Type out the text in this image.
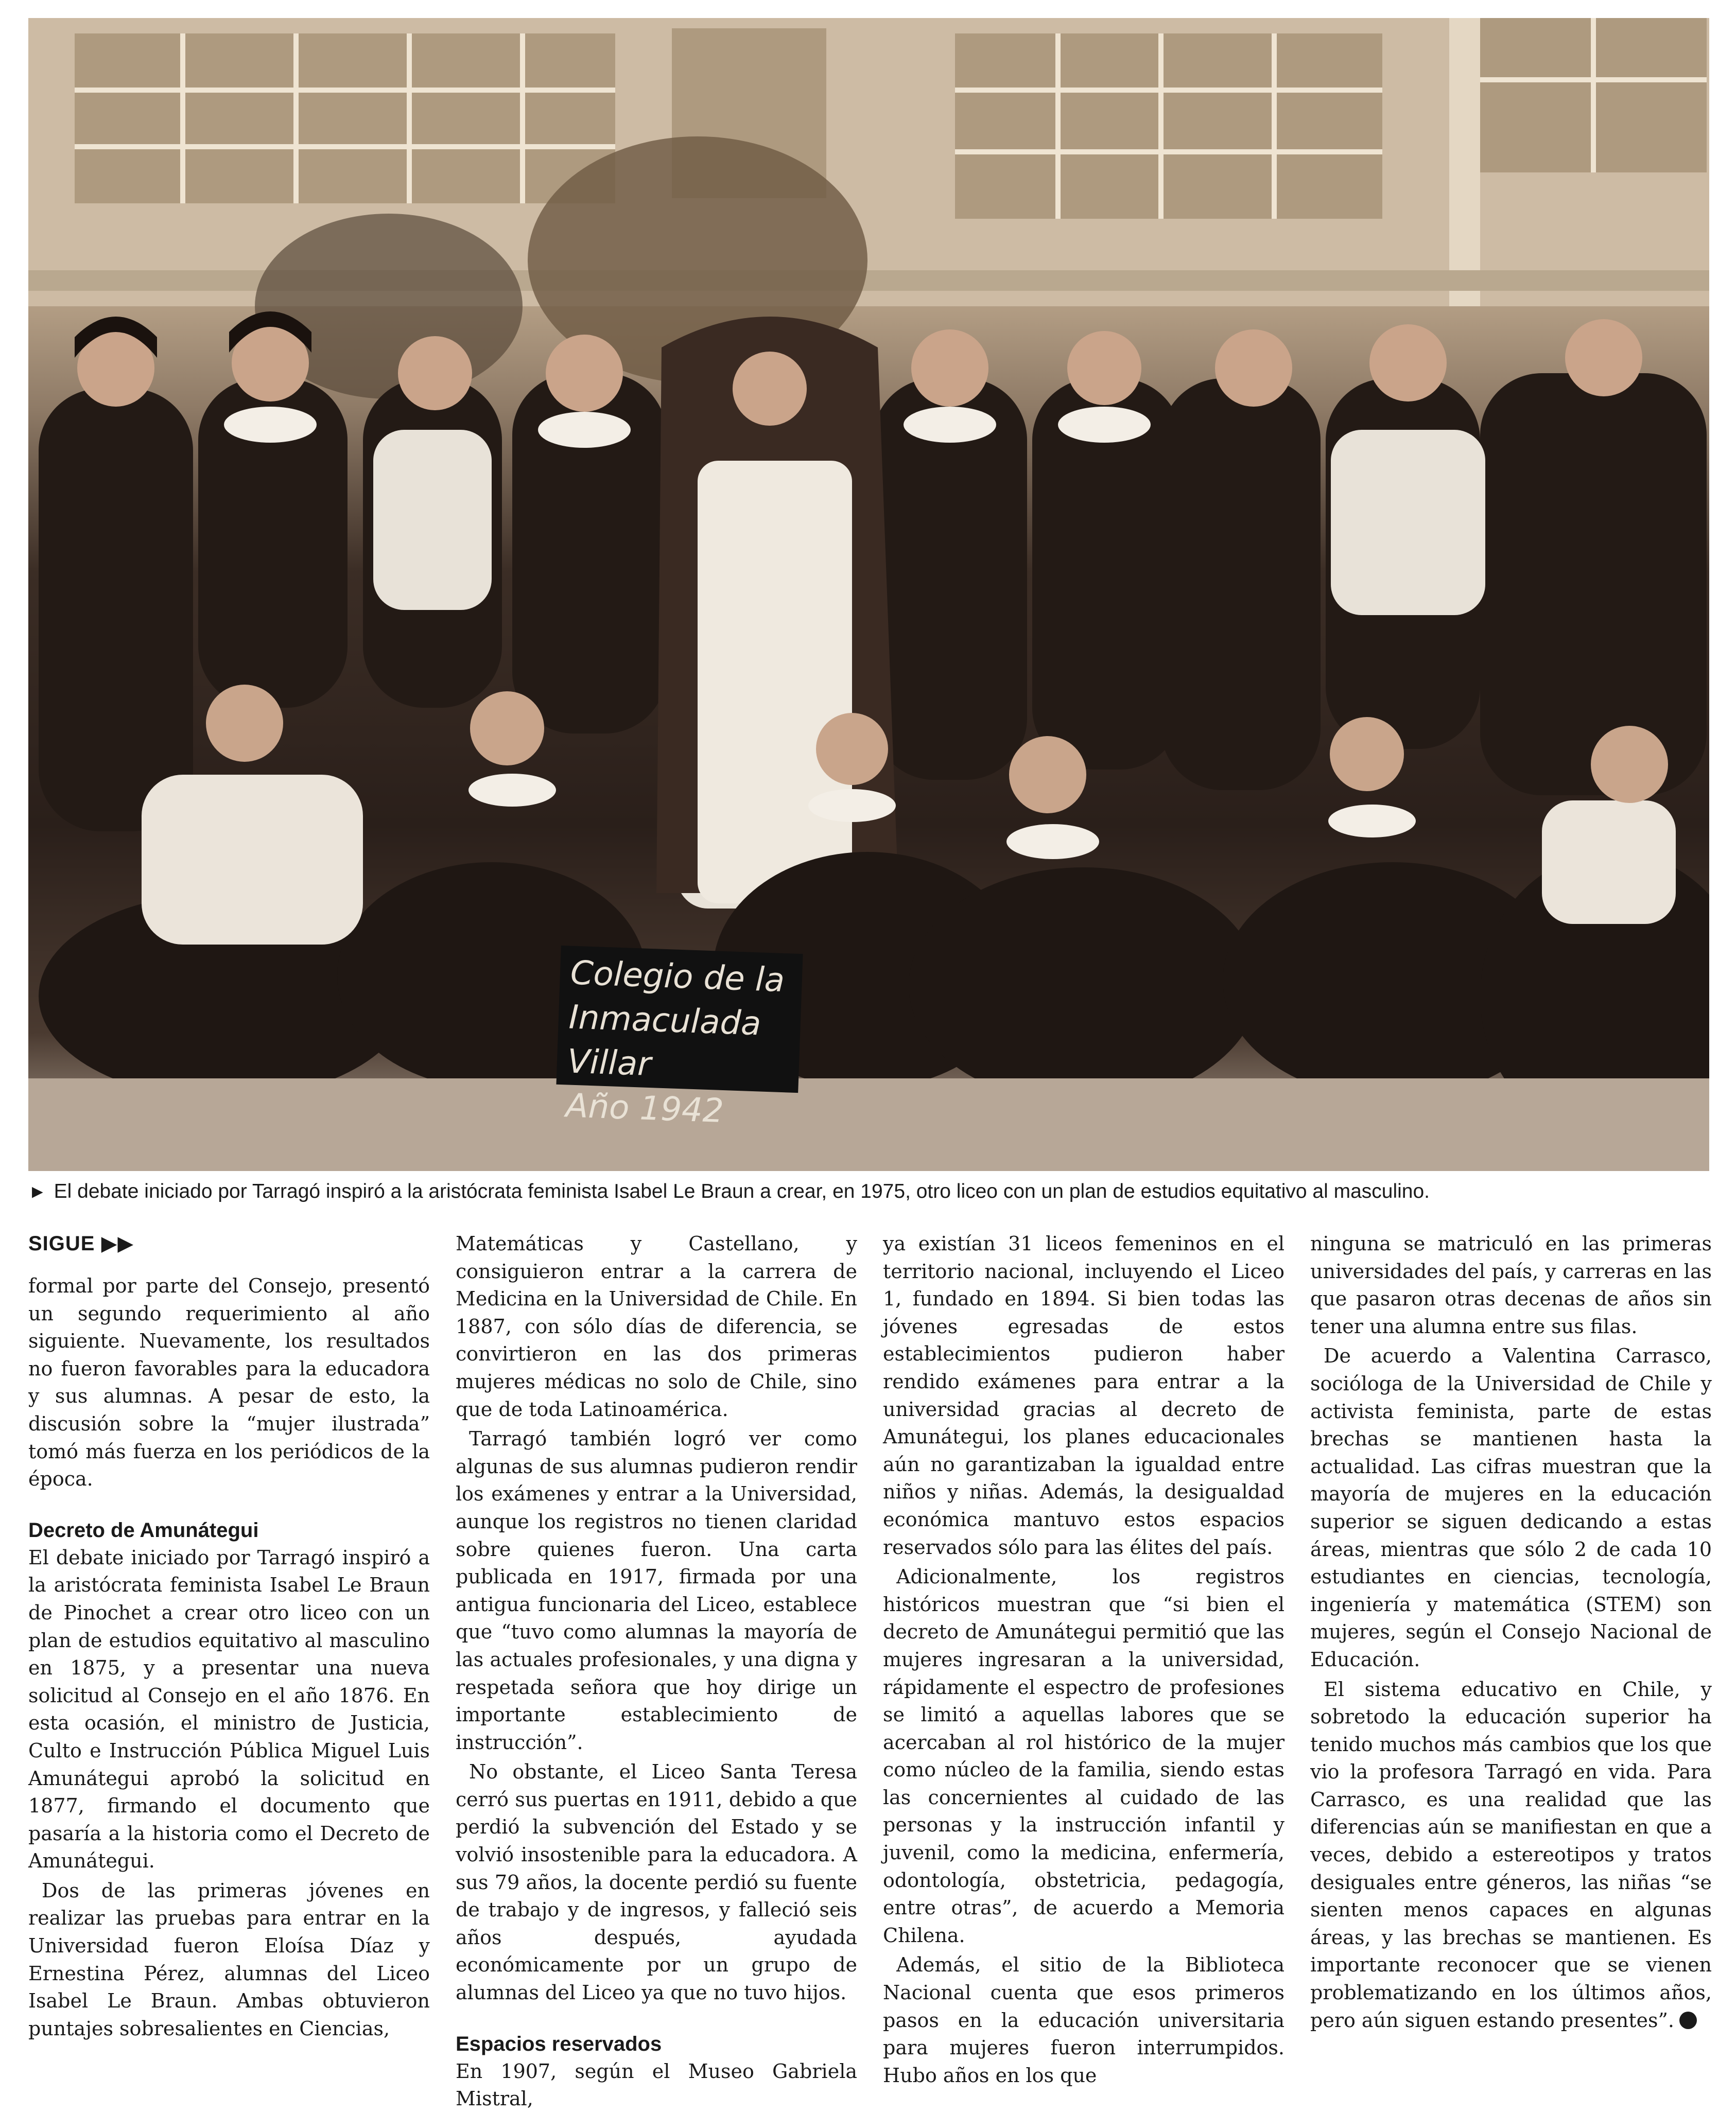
Colegio de la
Inmaculada Villar
Año 1942
► El debate iniciado por Tarragó inspiró a la aristócrata feminista Isabel Le Braun a crear, en 1975, otro liceo con un plan de estudios equitativo al masculino.
SIGUE ▶▶

formal por parte del Consejo, presentó un segundo requerimiento al año siguiente. Nuevamente, los resultados no fueron favorables para la educadora y sus alumnas. A pesar de esto, la discusión sobre la “mujer ilustrada” tomó más fuerza en los periódicos de la época.

Decreto de Amunátegui

El debate iniciado por Tarragó inspiró a la aristócrata feminista Isabel Le Braun de Pinochet a crear otro liceo con un plan de estudios equitativo al masculino en 1875, y a presentar una nueva solicitud al Consejo en el año 1876. En esta ocasión, el ministro de Justicia, Culto e Instrucción Pública Miguel Luis Amunátegui aprobó la solicitud en 1877, firmando el documento que pasaría a la historia como el Decreto de Amunátegui.

Dos de las primeras jóvenes en realizar las pruebas para entrar en la Universidad fueron Eloísa Díaz y Ernestina Pérez, alumnas del Liceo Isabel Le Braun. Ambas obtuvieron puntajes sobresalientes en Ciencias,

Matemáticas y Castellano, y consiguieron entrar a la carrera de Medicina en la Universidad de Chile. En 1887, con sólo días de diferencia, se convirtieron en las dos primeras mujeres médicas no solo de Chile, sino que de toda Latinoamérica.

Tarragó también logró ver como algunas de sus alumnas pudieron rendir los exámenes y entrar a la Universidad, aunque los registros no tienen claridad sobre quienes fueron. Una carta publicada en 1917, firmada por una antigua funcionaria del Liceo, establece que “tuvo como alumnas la mayoría de las actuales profesionales, y una digna y respetada señora que hoy dirige un importante establecimiento de instrucción”.

No obstante, el Liceo Santa Teresa cerró sus puertas en 1911, debido a que perdió la subvención del Estado y se volvió insostenible para la educadora. A sus 79 años, la docente perdió su fuente de trabajo y de ingresos, y falleció seis años después, ayudada económicamente por un grupo de alumnas del Liceo ya que no tuvo hijos.

Espacios reservados

En 1907, según el Museo Gabriela Mistral,

ya existían 31 liceos femeninos en el territorio nacional, incluyendo el Liceo 1, fundado en 1894. Si bien todas las jóvenes egresadas de estos establecimientos pudieron haber rendido exámenes para entrar a la universidad gracias al decreto de Amunátegui, los planes educacionales aún no garantizaban la igualdad entre niños y niñas. Además, la desigualdad económica mantuvo estos espacios reservados sólo para las élites del país.

Adicionalmente, los registros históricos muestran que “si bien el decreto de Amunátegui permitió que las mujeres ingresaran a la universidad, rápidamente el espectro de profesiones se limitó a aquellas labores que se acercaban al rol histórico de la mujer como núcleo de la familia, siendo estas las concernientes al cuidado de las personas y la instrucción infantil y juvenil, como la medicina, enfermería, odontología, obstetricia, pedagogía, entre otras”, de acuerdo a Memoria Chilena.

Además, el sitio de la Biblioteca Nacional cuenta que esos primeros pasos en la educación universitaria para mujeres fueron interrumpidos. Hubo años en los que

ninguna se matriculó en las primeras universidades del país, y carreras en las que pasaron otras decenas de años sin tener una alumna entre sus filas.

De acuerdo a Valentina Carrasco, socióloga de la Universidad de Chile y activista feminista, parte de estas brechas se mantienen hasta la actualidad. Las cifras muestran que la mayoría de mujeres en la educación superior se siguen dedicando a estas áreas, mientras que sólo 2 de cada 10 estudiantes en ciencias, tecnología, ingeniería y matemática (STEM) son mujeres, según el Consejo Nacional de Educación.

El sistema educativo en Chile, y sobretodo la educación superior ha tenido muchos más cambios que los que vio la profesora Tarragó en vida. Para Carrasco, es una realidad que las diferencias aún se manifiestan en que a veces, debido a estereotipos y tratos desiguales entre géneros, las niñas “se sienten menos capaces en algunas áreas, y las brechas se mantienen. Es importante reconocer que se vienen problematizando en los últimos años, pero aún siguen estando presentes”.
